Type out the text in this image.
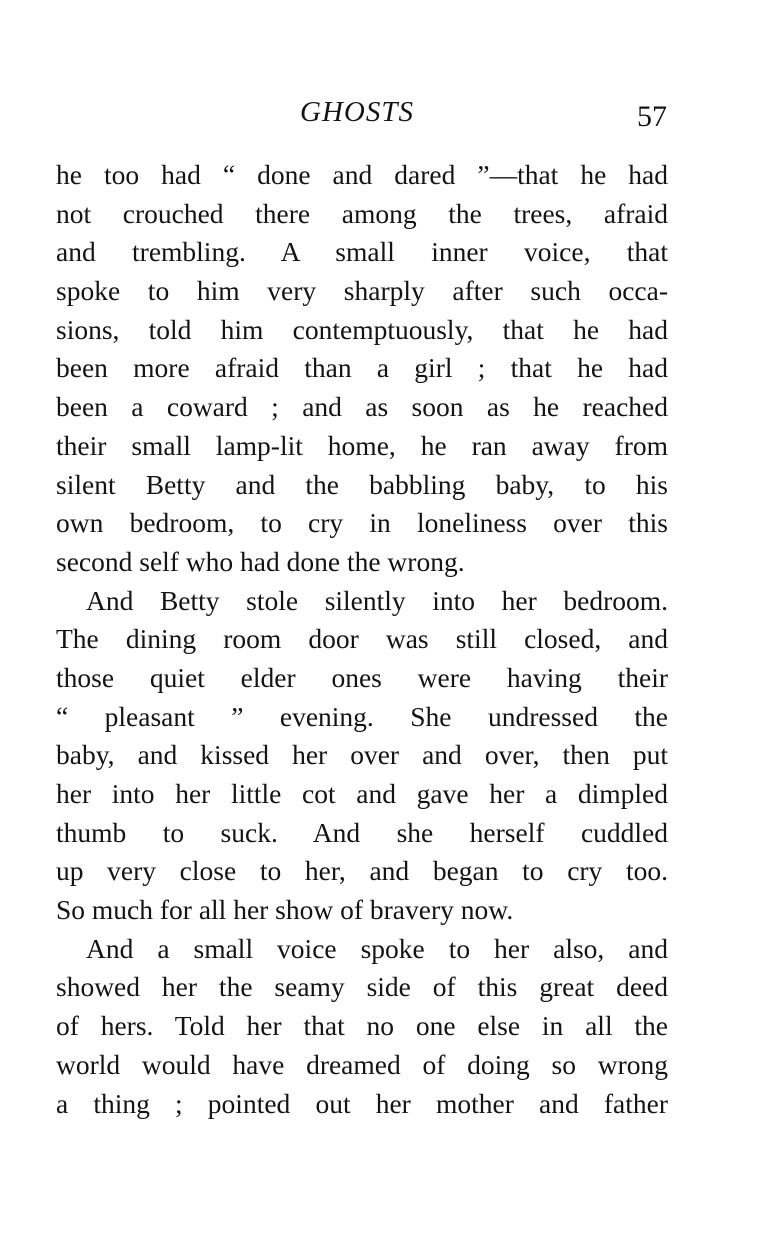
GHOSTS	57
he too had “ done and dared ”—that he had
not crouched there among the trees, afraid
and trembling. A small inner voice, that
spoke to him very sharply after such occa-
sions, told him contemptuously, that he had
been more afraid than a girl ; that he had
been a coward ; and as soon as he reached
their small lamp-lit home, he ran away from
silent Betty and the babbling baby, to his
own bedroom, to cry in loneliness over this
second self who had done the wrong.
And Betty stole silently into her bedroom.
The dining room door was still closed, and
those quiet elder ones were having their
“ pleasant ” evening. She undressed the
baby, and kissed her over and over, then put
her into her little cot and gave her a dimpled
thumb to suck. And she herself cuddled
up very close to her, and began to cry too.
So much for all her show of bravery now.
And a small voice spoke to her also, and
showed her the seamy side of this great deed
of hers. Told her that no one else in all the
world would have dreamed of doing so wrong
a thing ; pointed out her mother and father
